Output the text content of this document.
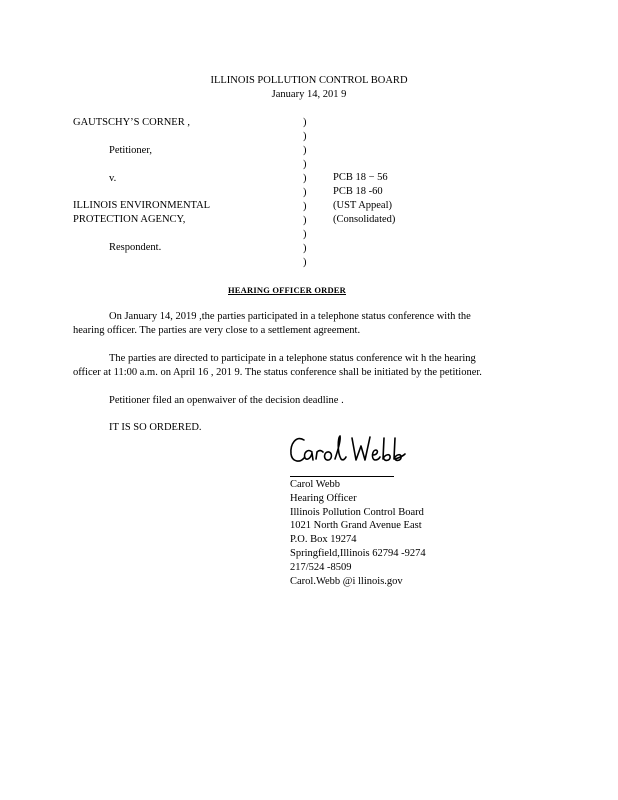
ILLINOIS POLLUTION CONTROL BOARD
January 14, 201 9
GAUTSCHY’S CORNER ,
Petitioner,
v.
ILLINOIS ENVIRONMENTAL
PROTECTION AGENCY,
Respondent.
)
)
)
)
)
)
)
)
)
)
)
PCB 18 − 56
PCB 18 -60
(UST Appeal)
(Consolidated)
HEARING OFFICER ORDER
On January 14, 2019 ,the parties participated in a telephone status conference with the
hearing officer. The parties are very close to a settlement agreement.
The parties are directed to participate in a telephone status conference wit h the hearing
officer at 11:00 a.m. on April 16 , 201 9. The status conference shall be initiated by the petitioner.
Petitioner filed an openwaiver of the decision deadline .
IT IS SO ORDERED.
Carol Webb
Hearing Officer
Illinois Pollution Control Board
1021 North Grand Avenue East
P.O. Box 19274
Springfield,Illinois 62794 -9274
217/524 -8509
Carol.Webb @i llinois.gov
